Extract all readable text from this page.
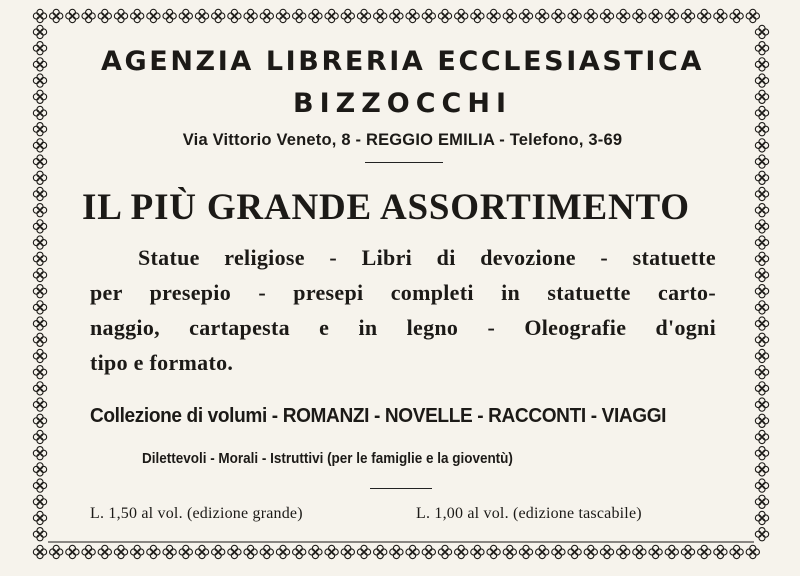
AGENZIA LIBRERIA ECCLESIASTICA
BIZZOCCHI
Via Vittorio Veneto, 8 - REGGIO EMILIA - Telefono, 3-69
IL PIÙ GRANDE ASSORTIMENTO
Statue religiose - Libri di devozione - statuette
per presepio - presepi completi in statuette carto-
naggio, cartapesta e in legno - Oleografie d'ogni
tipo e formato.
Collezione di volumi - ROMANZI - NOVELLE - RACCONTI - VIAGGI
Dilettevoli - Morali - Istruttivi (per le famiglie e la gioventù)
L. 1,50 al vol. (edizione grande)	L. 1,00 al vol. (edizione tascabile)
